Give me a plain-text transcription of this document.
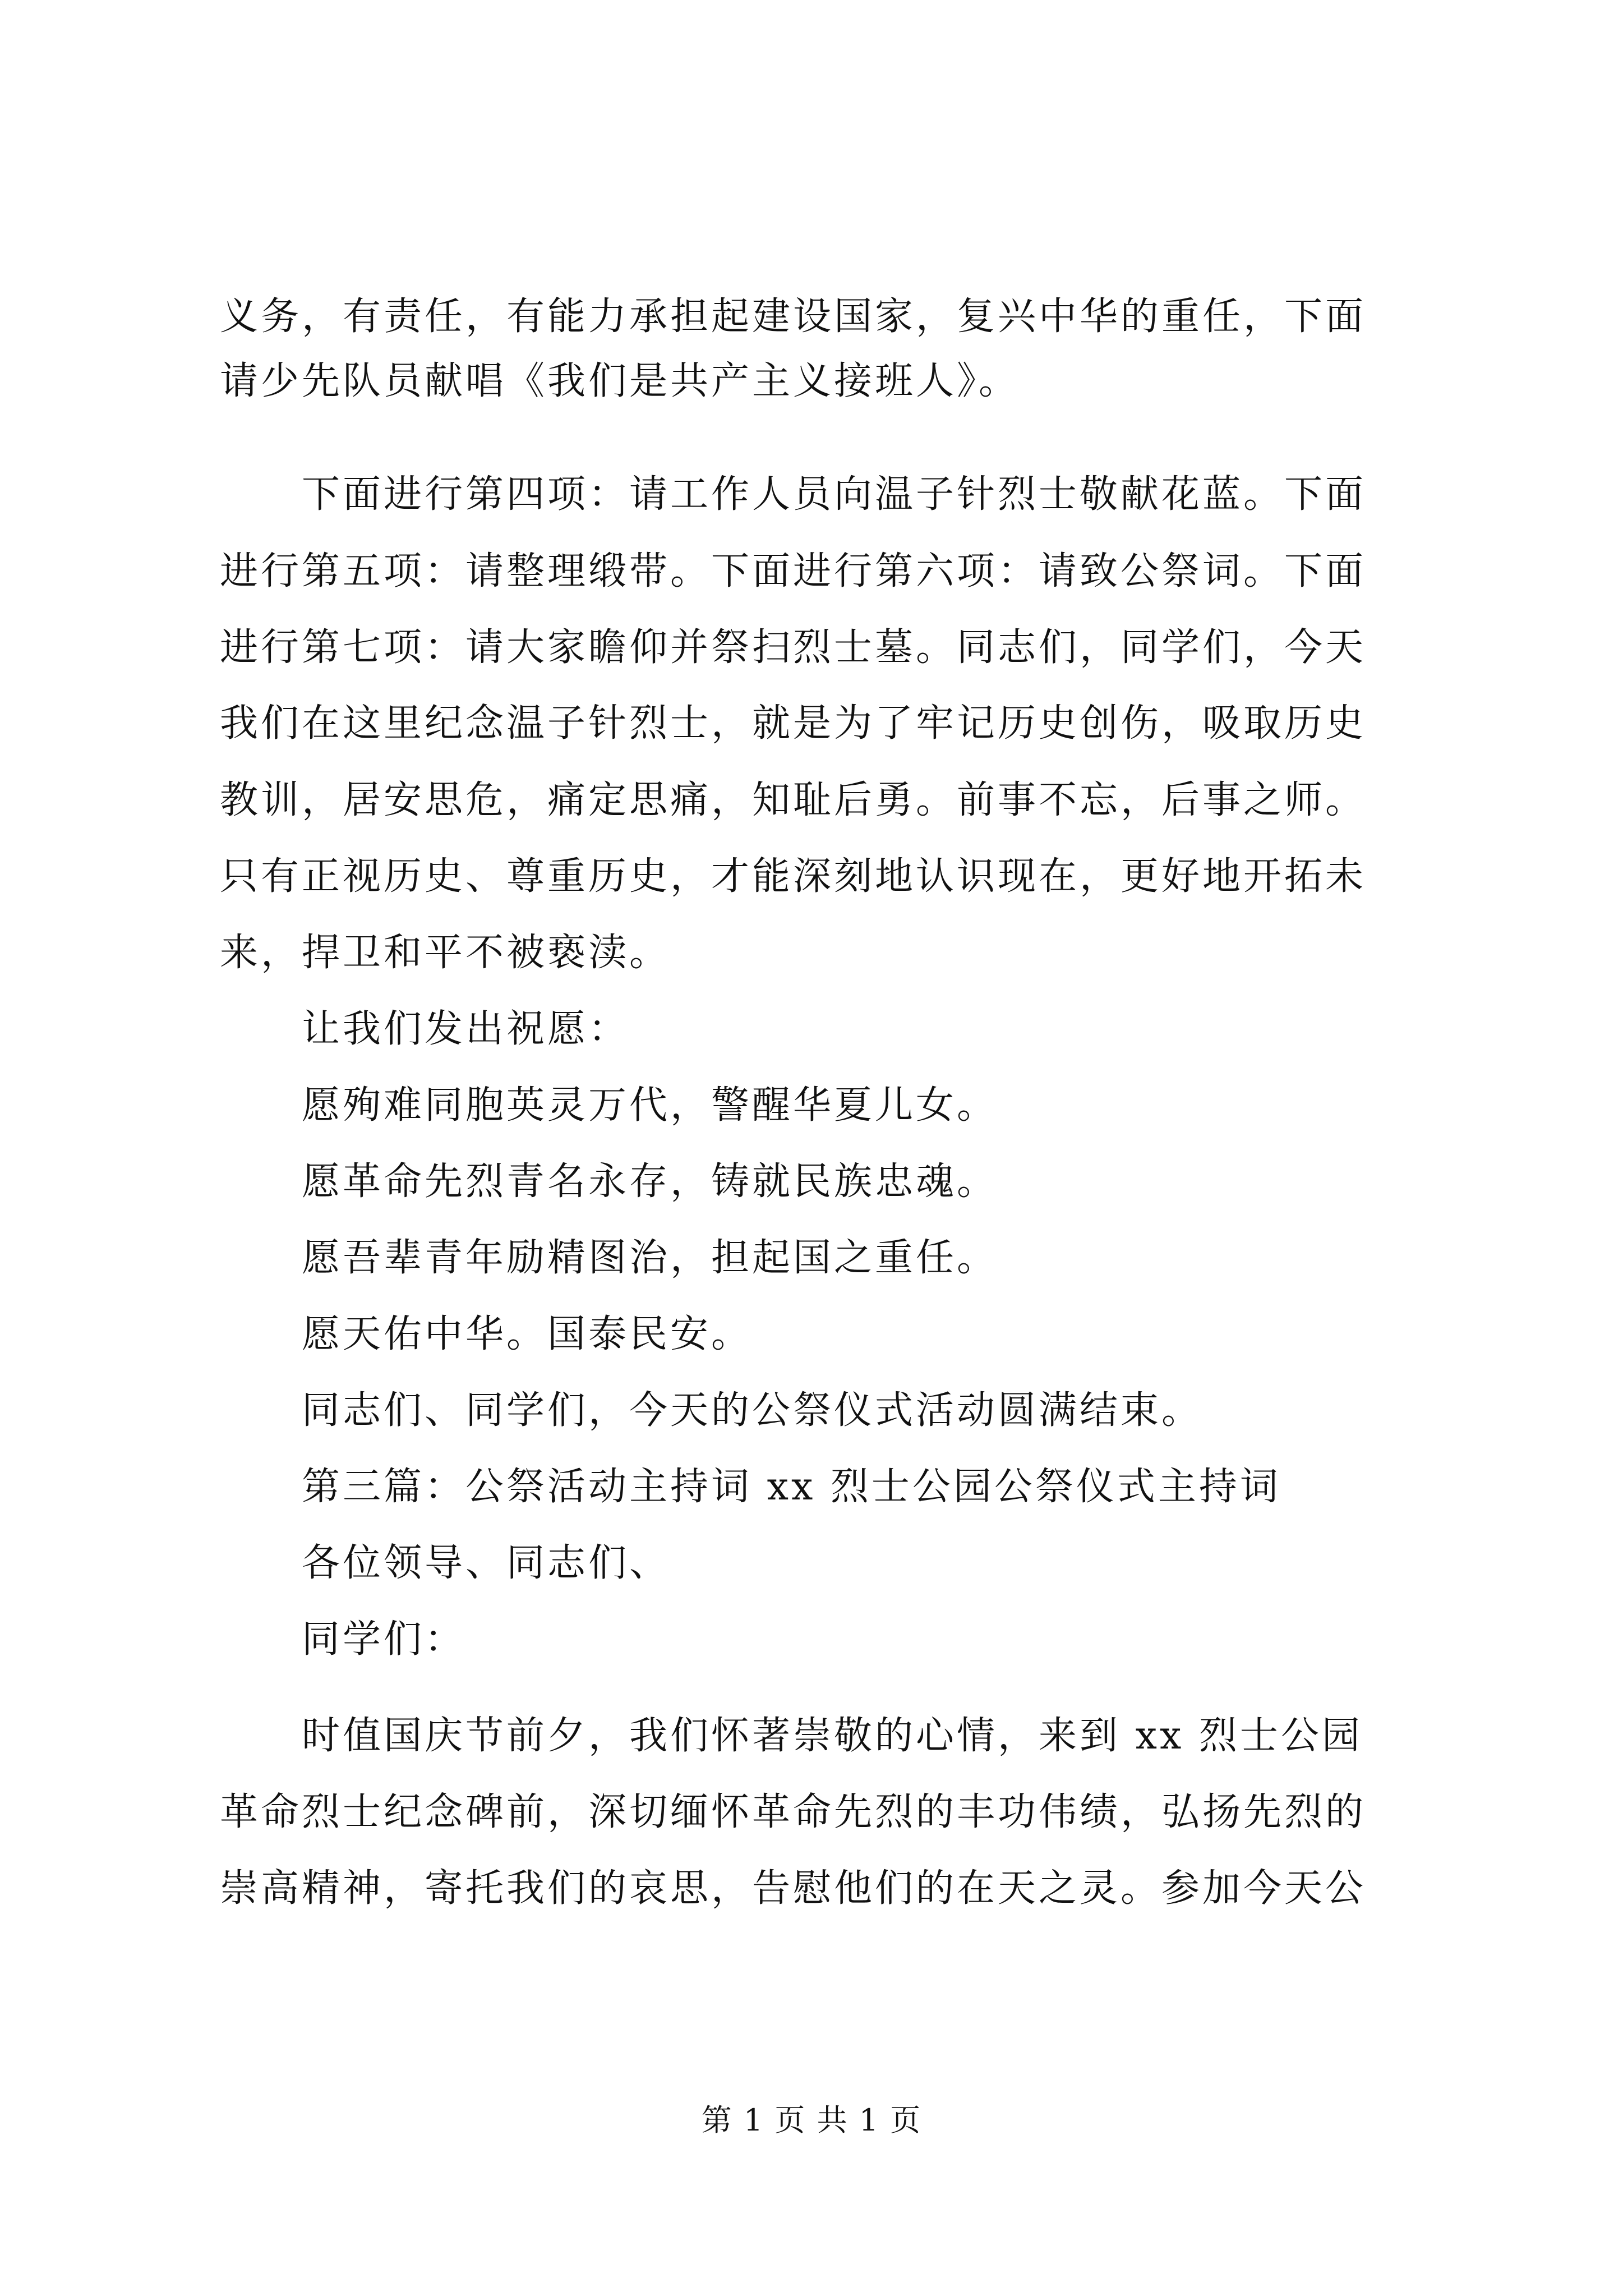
义务，有责任，有能力承担起建设国家，复兴中华的重任，下面
请少先队员献唱《我们是共产主义接班人》。
　　下面进行第四项：请工作人员向温子针烈士敬献花蓝。下面
进行第五项：请整理缎带。下面进行第六项：请致公祭词。下面
进行第七项：请大家瞻仰并祭扫烈士墓。同志们，同学们，今天
我们在这里纪念温子针烈士，就是为了牢记历史创伤，吸取历史
教训，居安思危，痛定思痛，知耻后勇。前事不忘，后事之师。
只有正视历史、尊重历史，才能深刻地认识现在，更好地开拓未
来，捍卫和平不被亵渎。
　　让我们发出祝愿：
　　愿殉难同胞英灵万代，警醒华夏儿女。
　　愿革命先烈青名永存，铸就民族忠魂。
　　愿吾辈青年励精图治，担起国之重任。
　　愿天佑中华。国泰民安。
　　同志们、同学们，今天的公祭仪式活动圆满结束。
　　第三篇：公祭活动主持词 xx 烈士公园公祭仪式主持词
　　各位领导、同志们、
　　同学们：
　　时值国庆节前夕，我们怀著崇敬的心情，来到 xx 烈士公园
革命烈士纪念碑前，深切缅怀革命先烈的丰功伟绩，弘扬先烈的
崇高精神，寄托我们的哀思，告慰他们的在天之灵。参加今天公
第 1 页 共 1 页
